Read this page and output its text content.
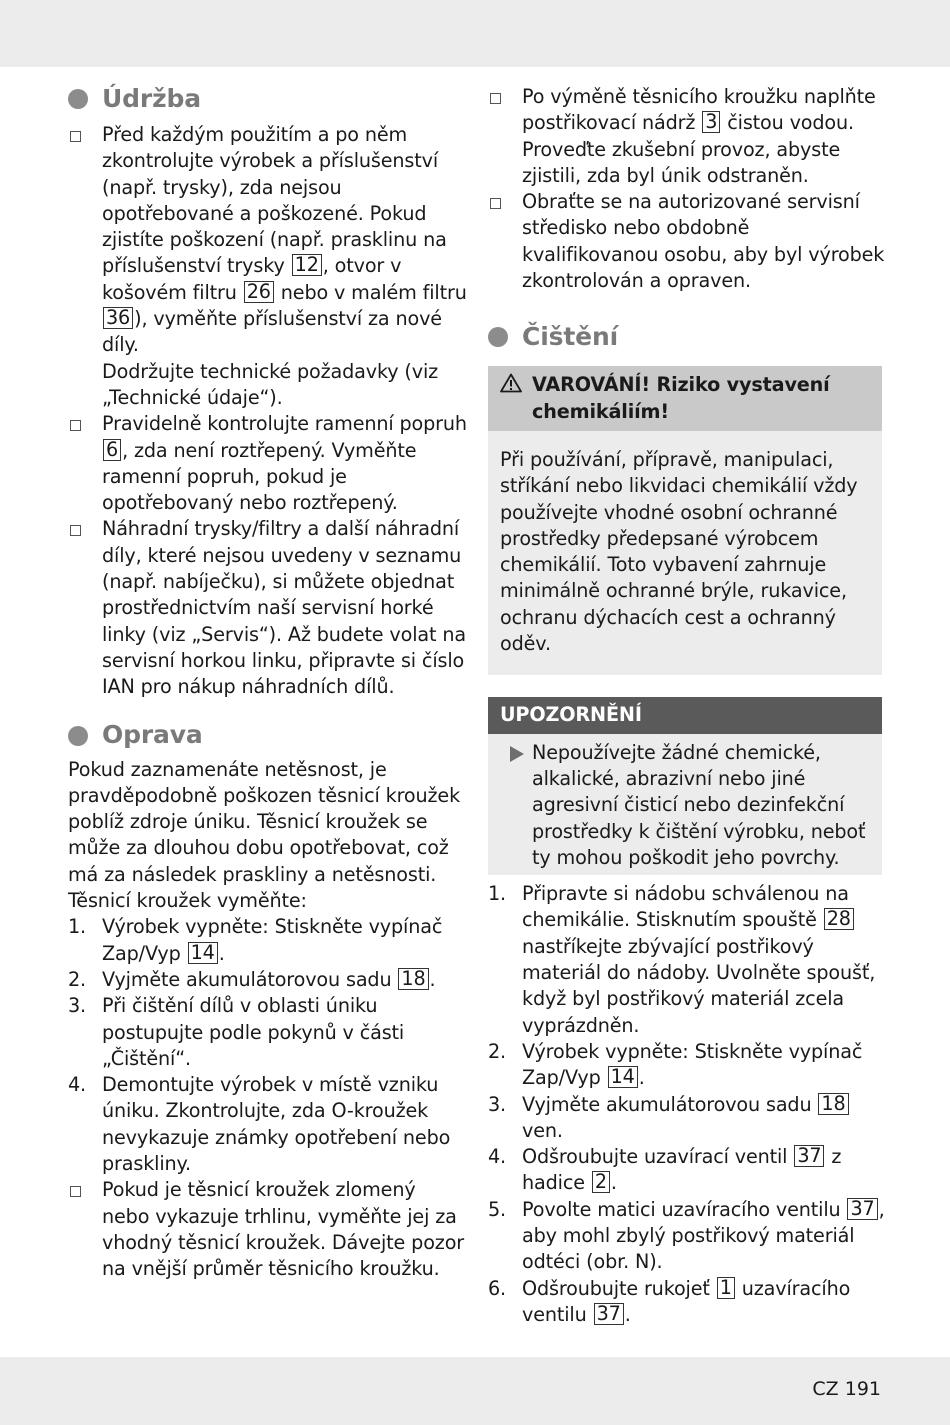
Údržba
Před každým použitím a po něm zkontrolujte výrobek a příslušenství (např. trysky), zda nejsou opotřebované a poškozené. Pokud zjistíte poškození (např. prasklinu na příslušenství trysky 12 , otvor v košovém filtru 26 nebo v malém filtru 36 ), vyměňte příslušenství za nové díly.
Dodržujte technické požadavky (viz „Technické údaje“).
Pravidelně kontrolujte ramenní popruh 6 , zda není roztřepený. Vyměňte ramenní popruh, pokud je opotřebovaný nebo roztřepený.
Náhradní trysky/filtry a další náhradní díly, které nejsou uvedeny v seznamu (např. nabíječku), si můžete objednat prostřednictvím naší servisní horké linky (viz „Servis“). Až budete volat na servisní horkou linku, připravte si číslo IAN pro nákup náhradních dílů.
Oprava
Pokud zaznamenáte netěsnost, je pravděpodobně poškozen těsnicí kroužek poblíž zdroje úniku. Těsnicí kroužek se může za dlouhou dobu opotřebovat, což má za následek praskliny a netěsnosti. Těsnicí kroužek vyměňte:
1. Výrobek vypněte: Stiskněte vypínač Zap/Vyp 14 .
2. Vyjměte akumulátorovou sadu 18 .
3. Při čištění dílů v oblasti úniku postupujte podle pokynů v části „Čištění“.
4. Demontujte výrobek v místě vzniku úniku. Zkontrolujte, zda O-kroužek nevykazuje známky opotřebení nebo praskliny.
Pokud je těsnicí kroužek zlomený nebo vykazuje trhlinu, vyměňte jej za vhodný těsnicí kroužek. Dávejte pozor na vnější průměr těsnicího kroužku.
Po výměně těsnicího kroužku naplňte postřikovací nádrž 3 čistou vodou. Proveďte zkušební provoz, abyste zjistili, zda byl únik odstraněn.
Obraťte se na autorizované servisní středisko nebo obdobně kvalifikovanou osobu, aby byl výrobek zkontrolován a opraven.
Čištění
VAROVÁNÍ! Riziko vystavení chemikáliím!
Při používání, přípravě, manipulaci, stříkání nebo likvidaci chemikálií vždy používejte vhodné osobní ochranné prostředky předepsané výrobcem chemikálií. Toto vybavení zahrnuje minimálně ochranné brýle, rukavice, ochranu dýchacích cest a ochranný oděv.
UPOZORNĚNÍ
Nepoužívejte žádné chemické, alkalické, abrazivní nebo jiné agresivní čisticí nebo dezinfekční prostředky k čištění výrobku, neboť ty mohou poškodit jeho povrchy.
1. Připravte si nádobu schválenou na chemikálie. Stisknutím spouště 28 nastříkejte zbývající postřikový materiál do nádoby. Uvolněte spoušť, když byl postřikový materiál zcela vyprázdněn.
2. Výrobek vypněte: Stiskněte vypínač Zap/Vyp 14 .
3. Vyjměte akumulátorovou sadu 18 ven.
4. Odšroubujte uzavírací ventil 37 z hadice 2 .
5. Povolte matici uzavíracího ventilu 37 , aby mohl zbylý postřikový materiál odtéci (obr. N).
6. Odšroubujte rukojeť 1 uzavíracího ventilu 37 .
CZ 191
